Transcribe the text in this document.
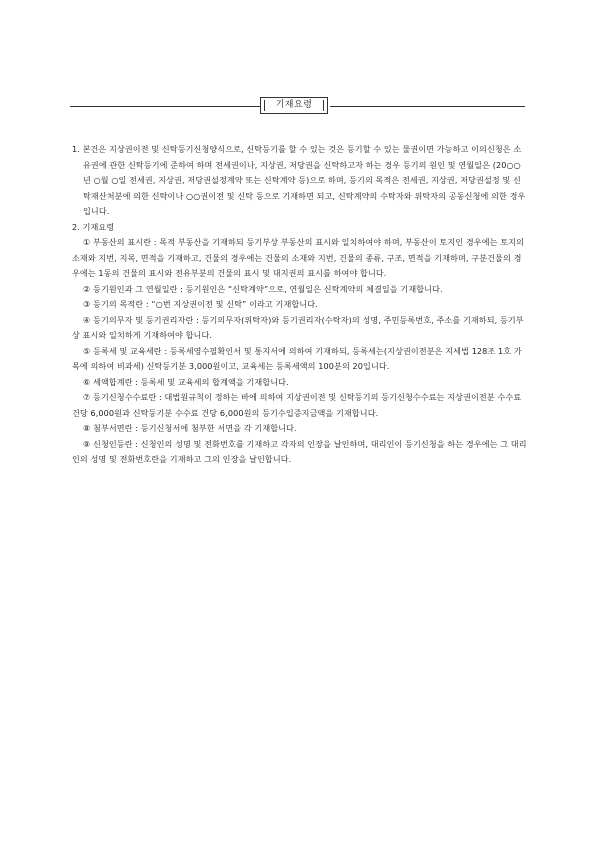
기재요령

1. 본건은 지상권이전 및 신탁등기신청양식으로, 신탁등기를 할 수 있는 것은 등기할 수 있는 물권이면 가능하고 이의신청은 소유권에 관한 신탁등기에 준하여 하며 전세권이나, 지상권, 저당권을 신탁하고자 하는 경우 등기의 원인 및 연월일은 (20○○년 ○월 ○일 전세권, 지상권, 저당권설정계약 또는 신탁계약 등)으로 하며, 등기의 목적은 전세권, 지상권, 저당권설정 및 신탁재산처분에 의한 신탁이나 ○○권이전 및 신탁 등으로 기재하면 되고, 신탁계약의 수탁자와 위탁자의 공동신청에 의한 경우입니다.

2. 기재요령

① 부동산의 표시란 : 목적 부동산을 기재하되 등기부상 부동산의 표시와 일치하여야 하며, 부동산이 토지인 경우에는 토지의 소재와 지번, 지목, 면적을 기재하고, 건물의 경우에는 건물의 소재와 지번, 건물의 종류, 구조, 면적을 기재하며, 구분건물의 경우에는 1동의 건물의 표시와 전유부분의 건물의 표시 및 대지권의 표시를 하여야 합니다.

② 등기원인과 그 연월일란 : 등기원인은 “신탁계약”으로, 연월일은 신탁계약의 체결일을 기재합니다.

③ 등기의 목적란 : “○번 지상권이전 및 신탁” 이라고 기재합니다.

④ 등기의무자 및 등기권리자란 : 등기의무자(위탁자)와 등기권리자(수탁자)의 성명, 주민등록번호, 주소를 기재하되, 등기부상 표시와 일치하게 기재하여야 합니다.

⑤ 등록세 및 교육세란 : 등록세영수필확인서 및 통지서에 의하여 기재하되, 등록세는(지상권이전분은 지세법 128조 1호 가목에 의하여 비과세) 신탁등기분 3,000원이고, 교육세는 등록세액의 100분의 20입니다.

⑥ 세액합계란 : 등록세 및 교육세의 합계액을 기재합니다.

⑦ 등기신청수수료란 : 대법원규칙이 정하는 바에 의하여 지상권이전 및 신탁등기의 등기신청수수료는 지상권이전분 수수료 건당 6,000원과 신탁등기분 수수료 건당 6,000원의 등기수입증지금액을 기재합니다.

⑧ 첨부서면란 : 등기신청서에 첨부한 서면을 각 기재합니다.

⑨ 신청인등란 : 신청인의 성명 및 전화번호를 기재하고 각자의 인장을 날인하며, 대리인이 등기신청을 하는 경우에는 그 대리인의 성명 및 전화번호란을 기재하고 그의 인장을 날인합니다.
